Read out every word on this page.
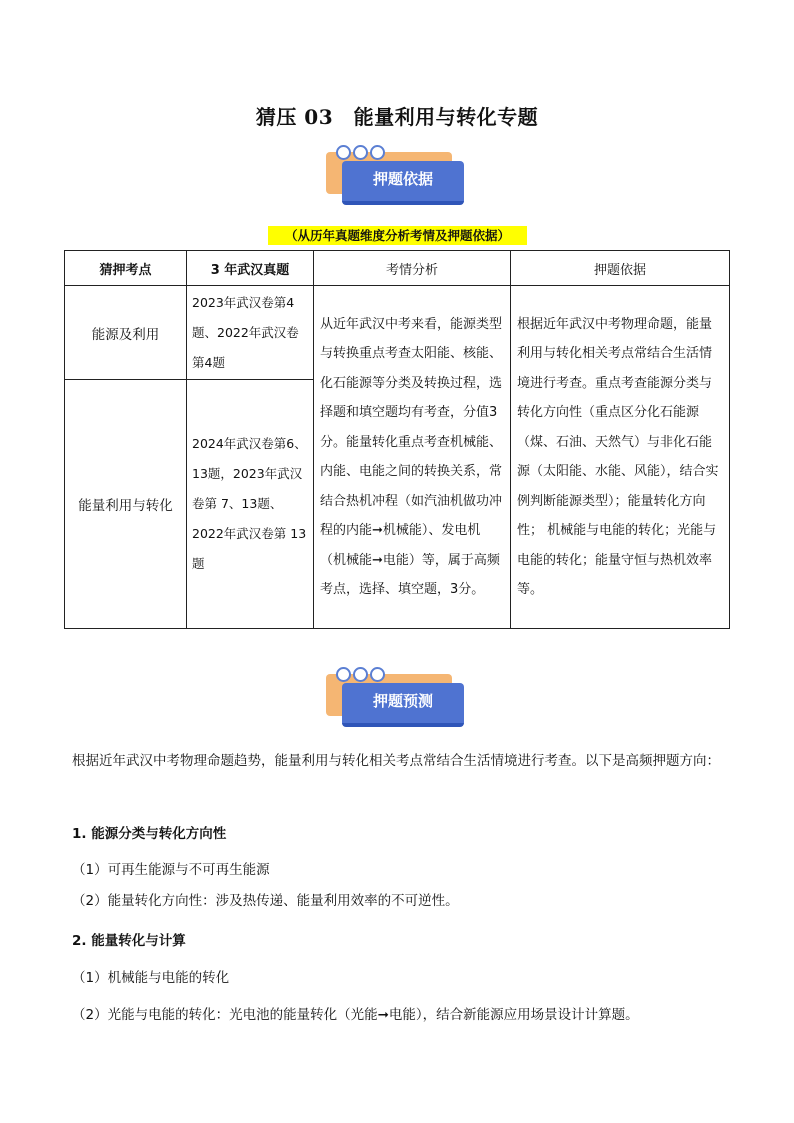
猜压 03　能量利用与转化专题
押题依据
（从历年真题维度分析考情及押题依据）
猜押考点	3 年武汉真题	考情分析	押题依据
能源及利用	2023年武汉卷第4题、2022年武汉卷第4题	从近年武汉中考来看，能源类型与转换重点考查太阳能、核能、化石能源等分类及转换过程，选择题和填空题均有考查，分值3分。能量转化重点考查机械能、内能、电能之间的转换关系，常结合热机冲程（如汽油机做功冲程的内能➞机械能）、发电机（机械能➞电能）等，属于高频考点，选择、填空题，3分。	根据近年武汉中考物理命题，能量利用与转化相关考点常结合生活情境进行考查。重点考查能源分类与转化方向性（重点区分化石能源（煤、石油、天然气）与非化石能源（太阳能、水能、风能），结合实例判断能源类型）；能量转化方向性； 机械能与电能的转化；光能与电能的转化；能量守恒与热机效率等。
能量利用与转化	2024年武汉卷第6、13题，2023年武汉卷第 7、13题、2022年武汉卷第 13题		
押题预测
根据近年武汉中考物理命题趋势，能量利用与转化相关考点常结合生活情境进行考查。以下是高频押题方向：
1. 能源分类与转化方向性
（1）可再生能源与不可再生能源
（2）能量转化方向性：涉及热传递、能量利用效率的不可逆性。
2. 能量转化与计算
（1）机械能与电能的转化
（2）光能与电能的转化：光电池的能量转化（光能➞电能），结合新能源应用场景设计计算题。
